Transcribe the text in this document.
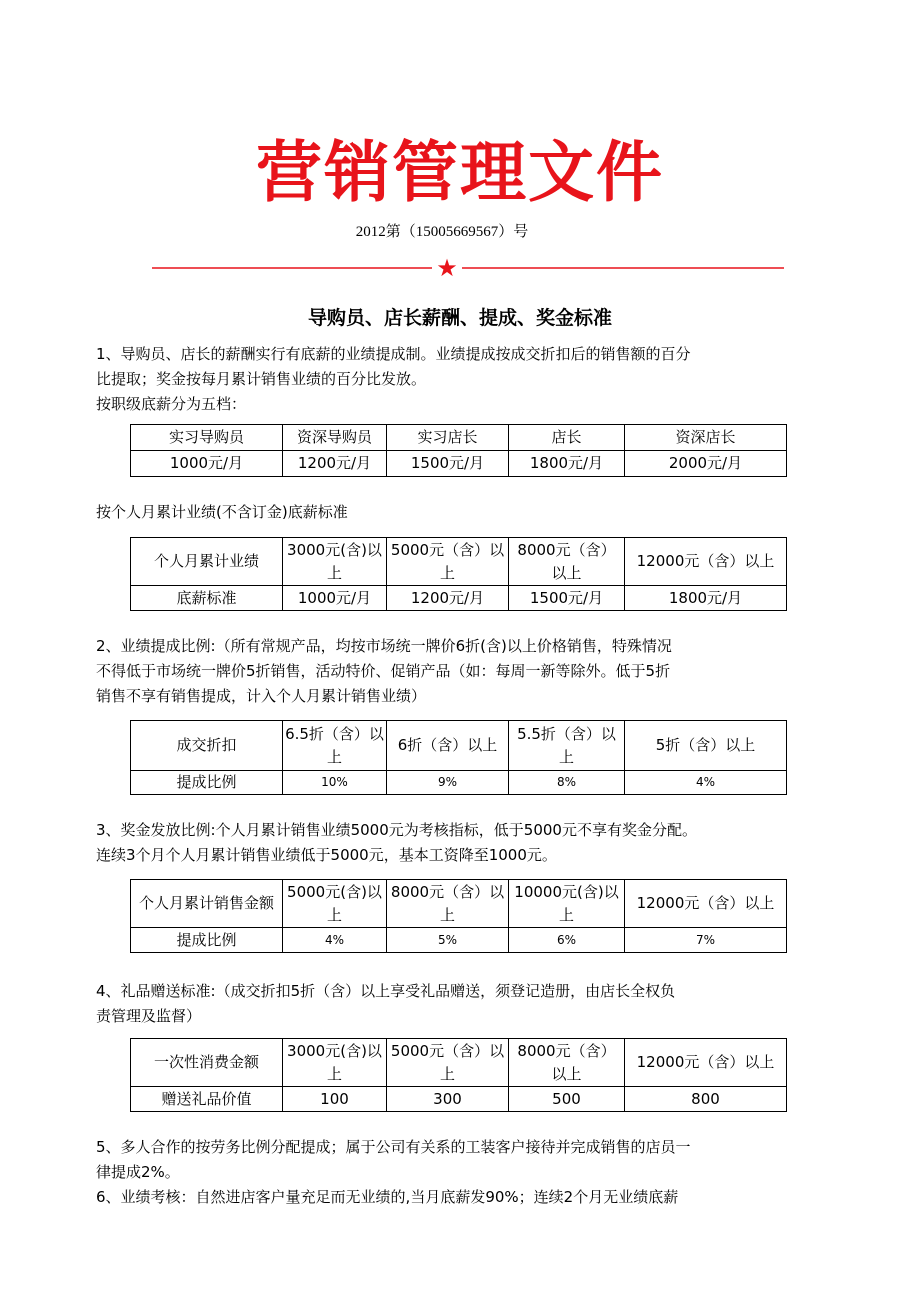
营销管理文件
2012第（15005669567）号
★
导购员、店长薪酬、提成、奖金标准

1、导购员、店长的薪酬实行有底薪的业绩提成制。业绩提成按成交折扣后的销售额的百分
比提取；奖金按每月累计销售业绩的百分比发放。
按职级底薪分为五档：

实习导购员	资深导购员	实习店长	店长	资深店长
1000元/月	1200元/月	1500元/月	1800元/月	2000元/月

按个人月累计业绩(不含订金)底薪标准

个人月累计业绩	3000元(含)以上	5000元（含）以上	8000元（含）以上	12000元（含）以上
底薪标准	1000元/月	1200元/月	1500元/月	1800元/月

2、业绩提成比例:（所有常规产品，均按市场统一牌价6折(含)以上价格销售，特殊情况
不得低于市场统一牌价5折销售，活动特价、促销产品（如：每周一新等除外。低于5折
销售不享有销售提成，计入个人月累计销售业绩）

成交折扣	6.5折（含）以上	6折（含）以上	5.5折（含）以上	5折（含）以上
提成比例	10%	9%	8%	4%

3、奖金发放比例:个人月累计销售业绩5000元为考核指标，低于5000元不享有奖金分配。
连续3个月个人月累计销售业绩低于5000元，基本工资降至1000元。

个人月累计销售金额	5000元(含)以上	8000元（含）以上	10000元(含)以上	12000元（含）以上
提成比例	4%	5%	6%	7%

4、礼品赠送标准:（成交折扣5折（含）以上享受礼品赠送，须登记造册，由店长全权负
责管理及监督）

一次性消费金额	3000元(含)以上	5000元（含）以上	8000元（含）以上	12000元（含）以上
赠送礼品价值	100	300	500	800

5、多人合作的按劳务比例分配提成；属于公司有关系的工装客户接待并完成销售的店员一
律提成2%。
6、业绩考核：自然进店客户量充足而无业绩的,当月底薪发90%；连续2个月无业绩底薪
